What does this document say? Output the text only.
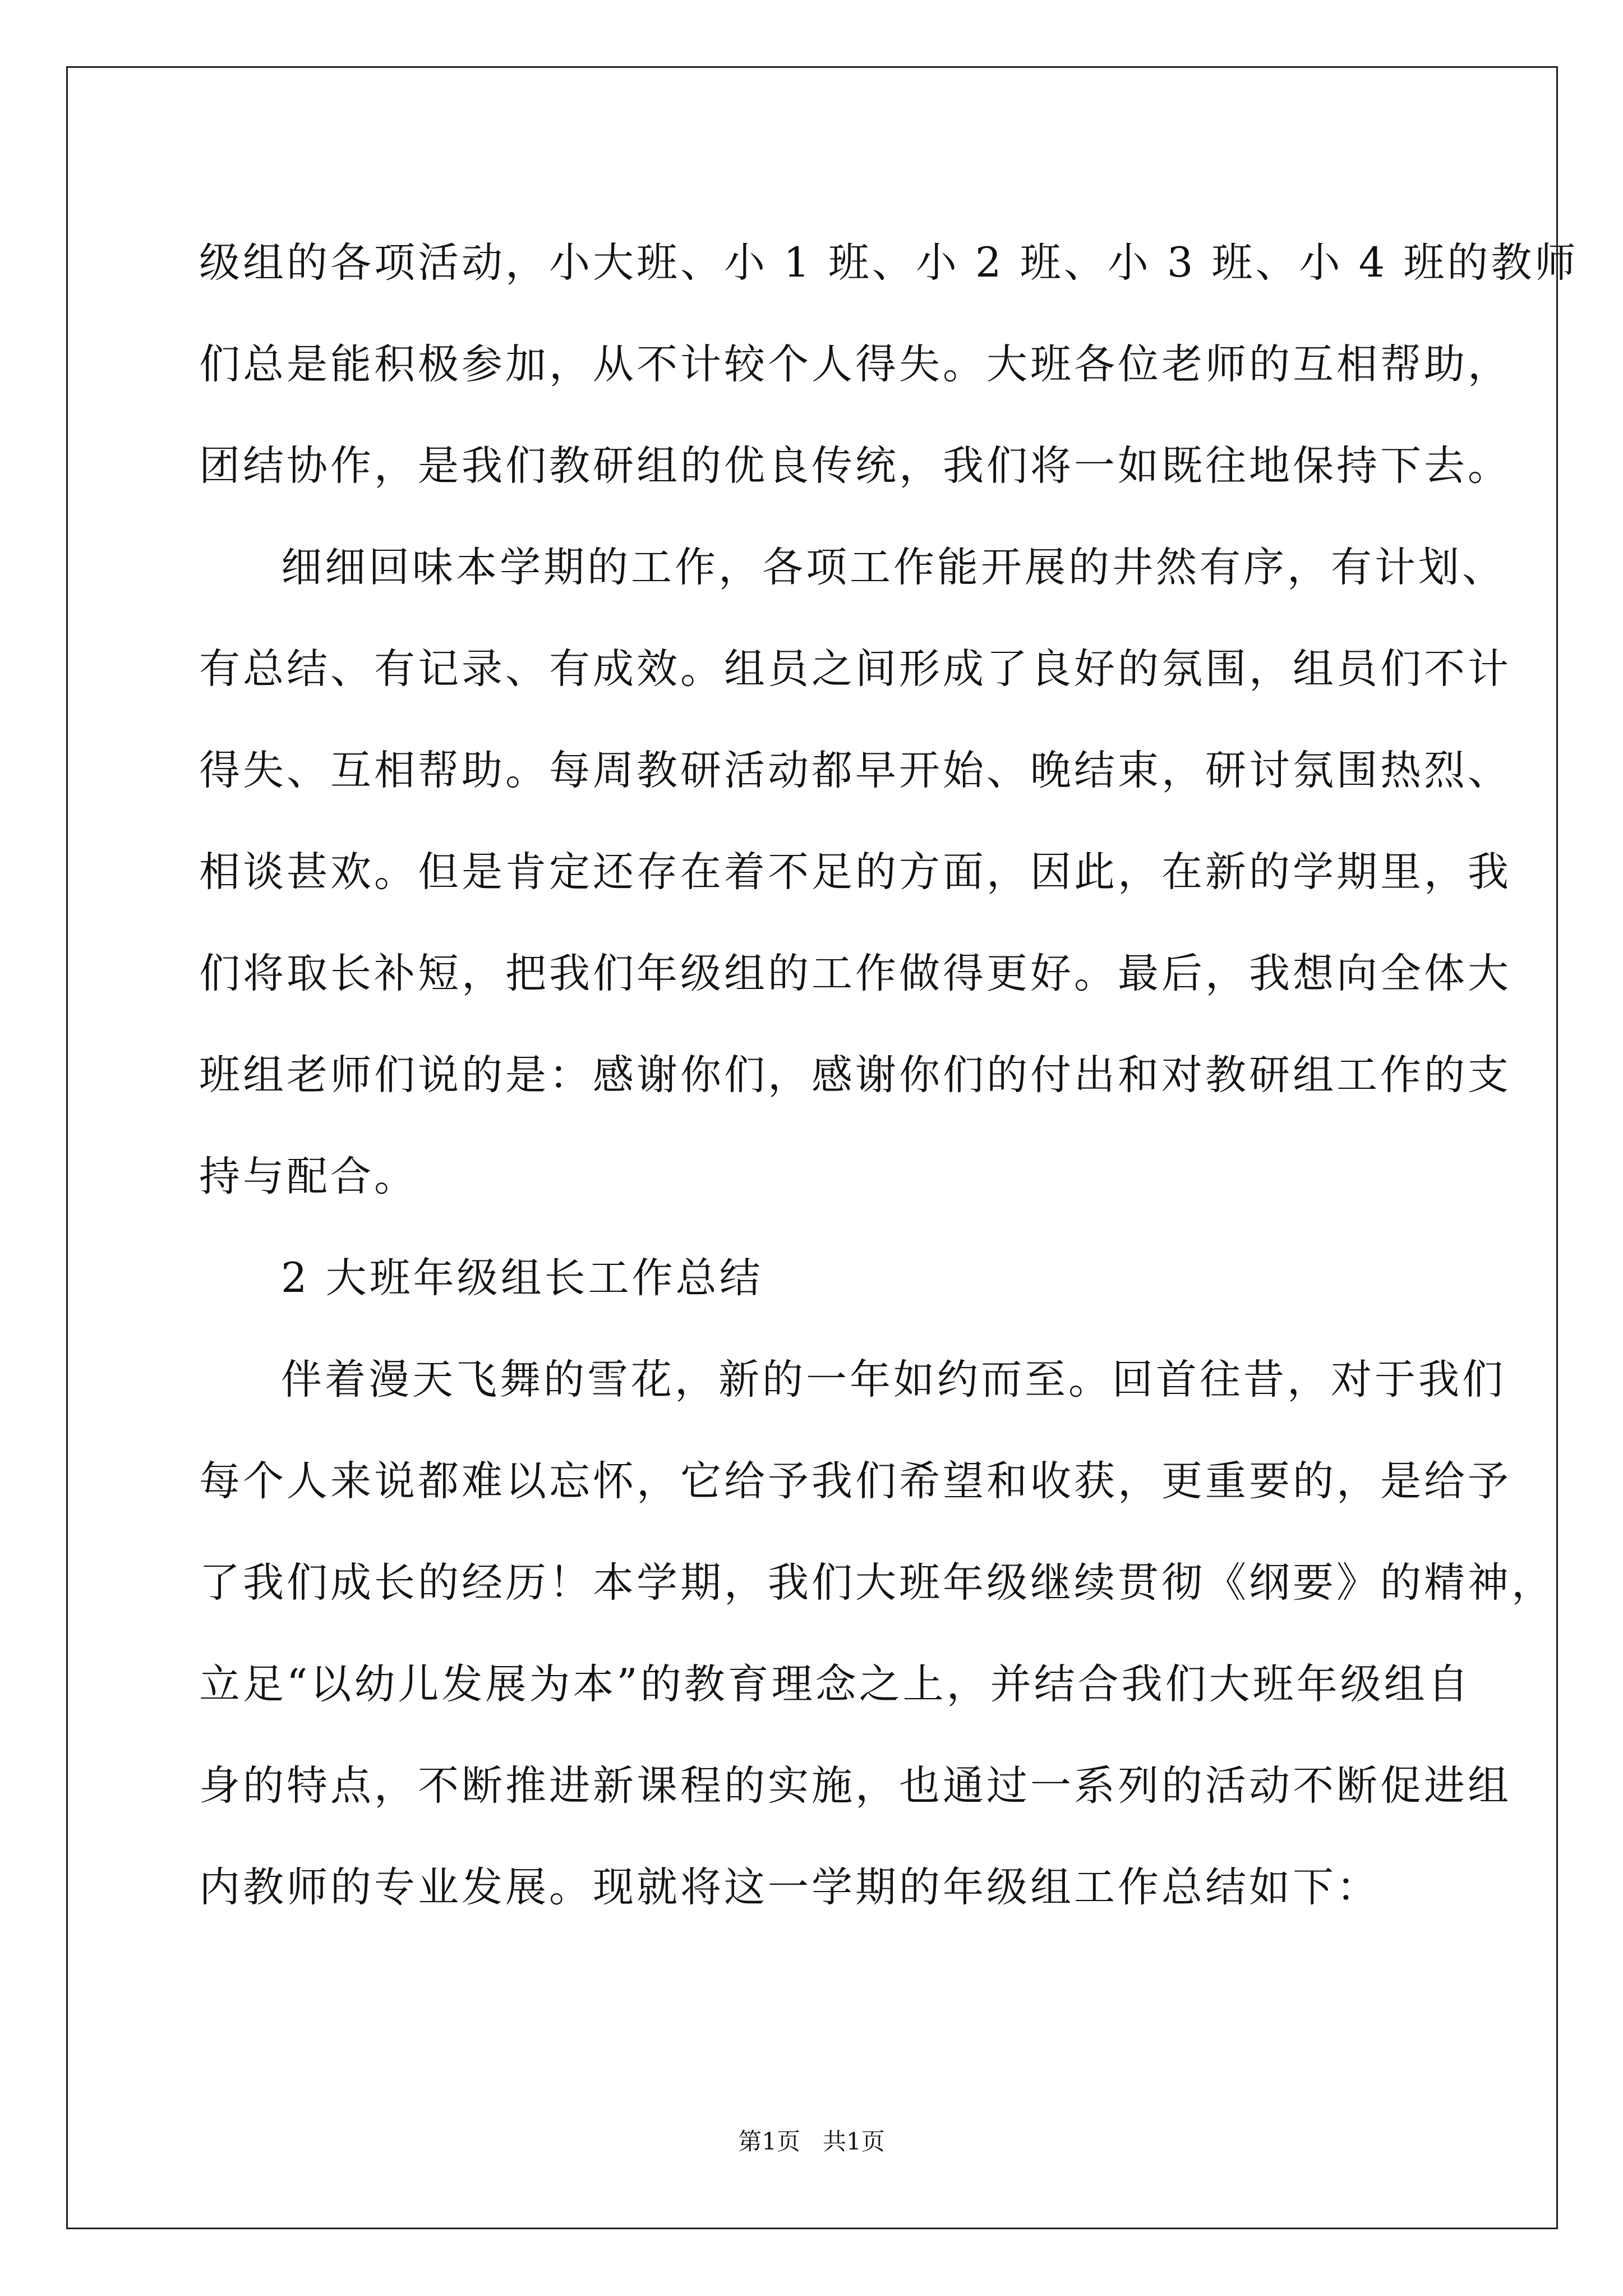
级组的各项活动，小大班、小 1 班、小 2 班、小 3 班、小 4 班的教师
们总是能积极参加，从不计较个人得失。大班各位老师的互相帮助，
团结协作，是我们教研组的优良传统，我们将一如既往地保持下去。
细细回味本学期的工作，各项工作能开展的井然有序，有计划、
有总结、有记录、有成效。组员之间形成了良好的氛围，组员们不计
得失、互相帮助。每周教研活动都早开始、晚结束，研讨氛围热烈、
相谈甚欢。但是肯定还存在着不足的方面，因此，在新的学期里，我
们将取长补短，把我们年级组的工作做得更好。最后，我想向全体大
班组老师们说的是：感谢你们，感谢你们的付出和对教研组工作的支
持与配合。
2 大班年级组长工作总结
伴着漫天飞舞的雪花，新的一年如约而至。回首往昔，对于我们
每个人来说都难以忘怀，它给予我们希望和收获，更重要的，是给予
了我们成长的经历！本学期，我们大班年级继续贯彻《纲要》的精神，
立足“以幼儿发展为本”的教育理念之上，并结合我们大班年级组自
身的特点，不断推进新课程的实施，也通过一系列的活动不断促进组
内教师的专业发展。现就将这一学期的年级组工作总结如下：
第1页   共1页
